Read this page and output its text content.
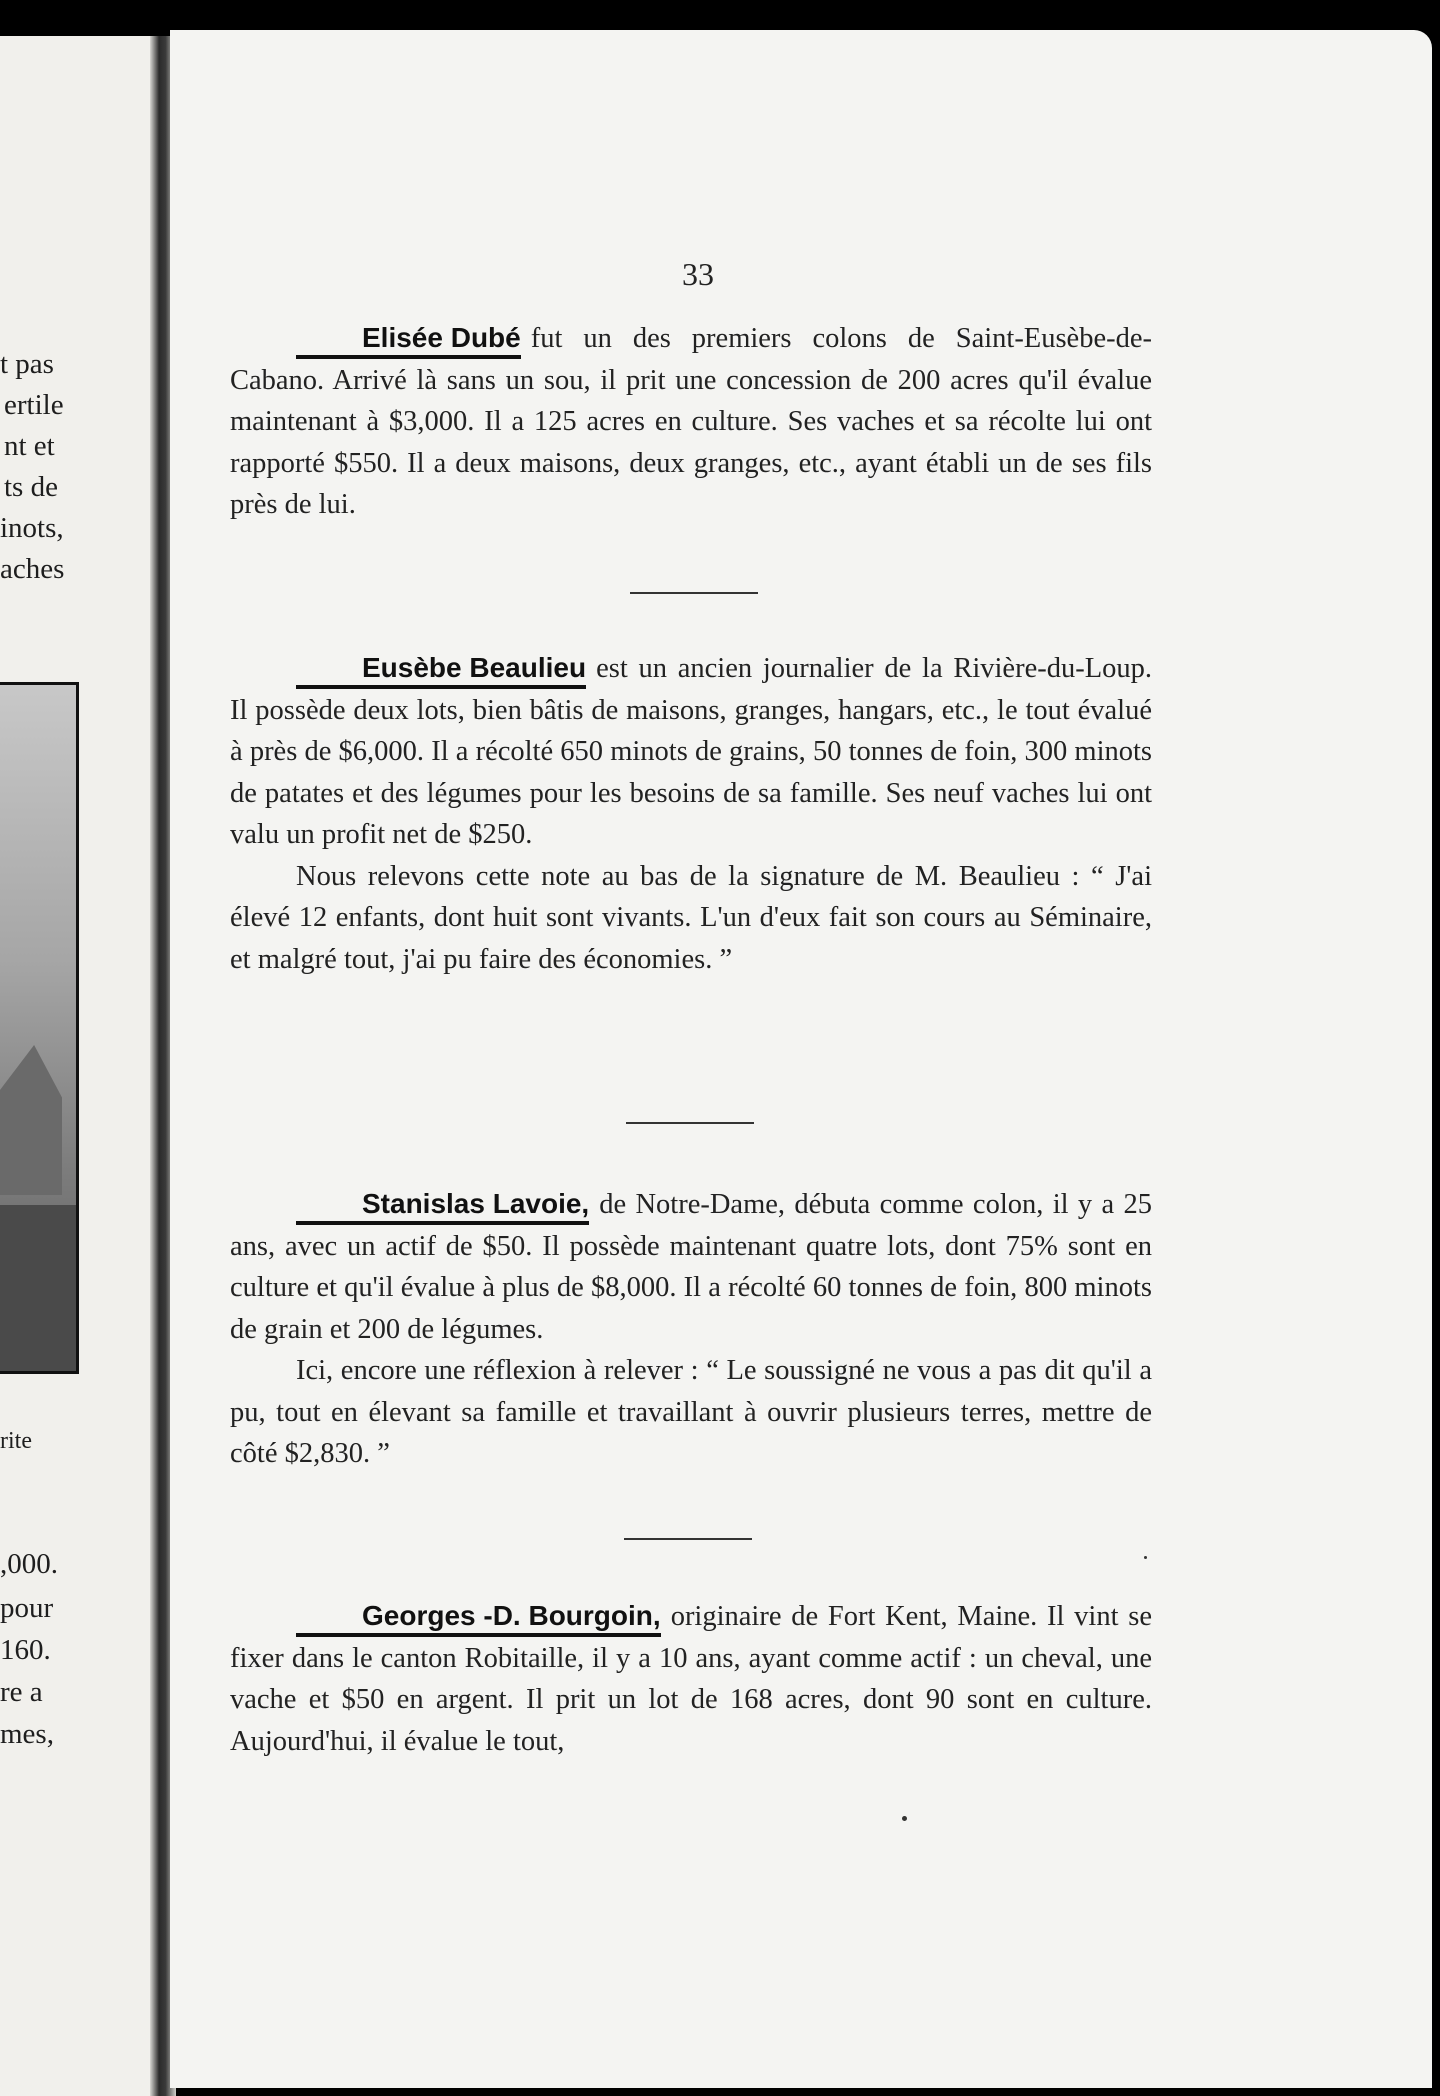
t pas
ertile
nt et
ts de
inots,
aches
rite
,000.
pour
160.
re a
mes,
33

Elisée Dubé fut un des premiers colons de Saint-Eusèbe-de-Cabano. Arrivé là sans un sou, il prit une concession de 200 acres qu'il évalue maintenant à $3,000. Il a 125 acres en culture. Ses vaches et sa récolte lui ont rapporté $550. Il a deux maisons, deux granges, etc., ayant établi un de ses fils près de lui.

Eusèbe Beaulieu est un ancien journalier de la Rivière-du-Loup. Il possède deux lots, bien bâtis de maisons, granges, hangars, etc., le tout évalué à près de $6,000. Il a récolté 650 minots de grains, 50 tonnes de foin, 300 minots de patates et des légumes pour les besoins de sa famille. Ses neuf vaches lui ont valu un profit net de $250.

Nous relevons cette note au bas de la signature de M. Beaulieu : “ J'ai élevé 12 enfants, dont huit sont vivants. L'un d'eux fait son cours au Séminaire, et malgré tout, j'ai pu faire des économies. ”

Stanislas Lavoie, de Notre-Dame, débuta comme colon, il y a 25 ans, avec un actif de $50. Il possède maintenant quatre lots, dont 75% sont en culture et qu'il évalue à plus de $8,000. Il a récolté 60 tonnes de foin, 800 minots de grain et 200 de légumes.

Ici, encore une réflexion à relever : “ Le soussigné ne vous a pas dit qu'il a pu, tout en élevant sa famille et travaillant à ouvrir plusieurs terres, mettre de côté $2,830. ”

Georges -D. Bourgoin, originaire de Fort Kent, Maine. Il vint se fixer dans le canton Robitaille, il y a 10 ans, ayant comme actif : un cheval, une vache et $50 en argent. Il prit un lot de 168 acres, dont 90 sont en culture. Aujourd'hui, il évalue le tout,
